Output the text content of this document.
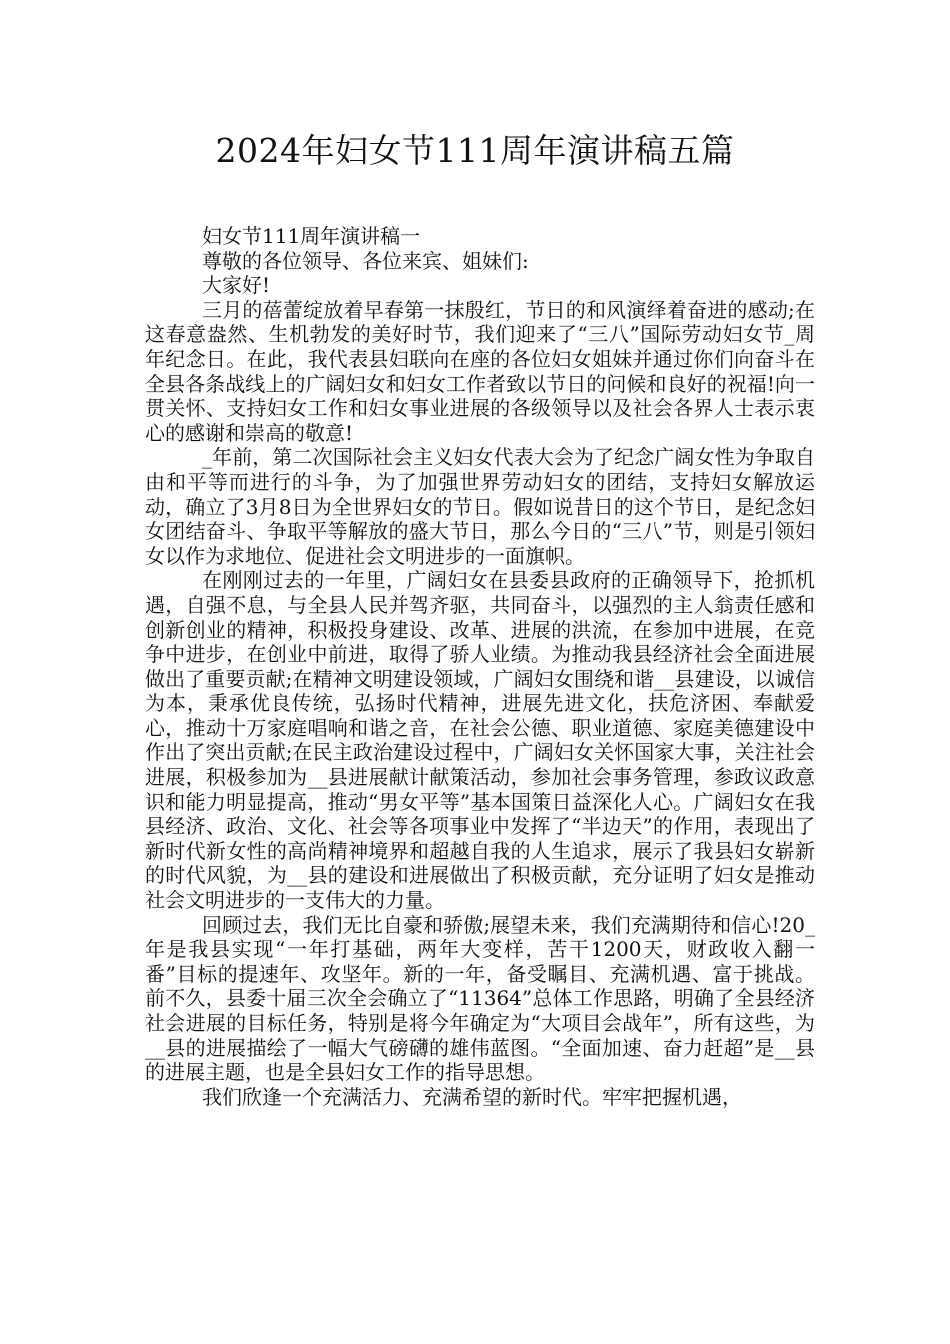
2024年妇女节111周年演讲稿五篇

妇女节111周年演讲稿一

尊敬的各位领导、各位来宾、姐妹们:

大家好!

三月的蓓蕾绽放着早春第一抹殷红，节日的和风演绎着奋进的感动;在这春意盎然、生机勃发的美好时节，我们迎来了“三八”国际劳动妇女节_周年纪念日。在此，我代表县妇联向在座的各位妇女姐妹并通过你们向奋斗在全县各条战线上的广阔妇女和妇女工作者致以节日的问候和良好的祝福!向一贯关怀、支持妇女工作和妇女事业进展的各级领导以及社会各界人士表示衷心的感谢和崇高的敬意!

_年前，第二次国际社会主义妇女代表大会为了纪念广阔女性为争取自由和平等而进行的斗争，为了加强世界劳动妇女的团结，支持妇女解放运动，确立了3月8日为全世界妇女的节日。假如说昔日的这个节日，是纪念妇女团结奋斗、争取平等解放的盛大节日，那么今日的“三八”节，则是引领妇女以作为求地位、促进社会文明进步的一面旗帜。

在刚刚过去的一年里，广阔妇女在县委县政府的正确领导下，抢抓机遇，自强不息，与全县人民并驾齐驱，共同奋斗，以强烈的主人翁责任感和创新创业的精神，积极投身建设、改革、进展的洪流，在参加中进展，在竞争中进步，在创业中前进，取得了骄人业绩。为推动我县经济社会全面进展做出了重要贡献;在精神文明建设领域，广阔妇女围绕和谐__县建设，以诚信为本，秉承优良传统，弘扬时代精神，进展先进文化，扶危济困、奉献爱心，推动十万家庭唱响和谐之音，在社会公德、职业道德、家庭美德建设中作出了突出贡献;在民主政治建设过程中，广阔妇女关怀国家大事，关注社会进展，积极参加为__县进展献计献策活动，参加社会事务管理，参政议政意识和能力明显提高，推动“男女平等”基本国策日益深化人心。广阔妇女在我县经济、政治、文化、社会等各项事业中发挥了“半边天”的作用，表现出了新时代新女性的高尚精神境界和超越自我的人生追求，展示了我县妇女崭新的时代风貌，为__县的建设和进展做出了积极贡献，充分证明了妇女是推动社会文明进步的一支伟大的力量。

回顾过去，我们无比自豪和骄傲;展望未来，我们充满期待和信心!20_年是我县实现“一年打基础，两年大变样，苦干1200天，财政收入翻一番”目标的提速年、攻坚年。新的一年，备受瞩目、充满机遇、富于挑战。前不久，县委十届三次全会确立了“11364”总体工作思路，明确了全县经济社会进展的目标任务，特别是将今年确定为“大项目会战年”，所有这些，为__县的进展描绘了一幅大气磅礴的雄伟蓝图。“全面加速、奋力赶超”是__县的进展主题，也是全县妇女工作的指导思想。

我们欣逢一个充满活力、充满希望的新时代。牢牢把握机遇，
